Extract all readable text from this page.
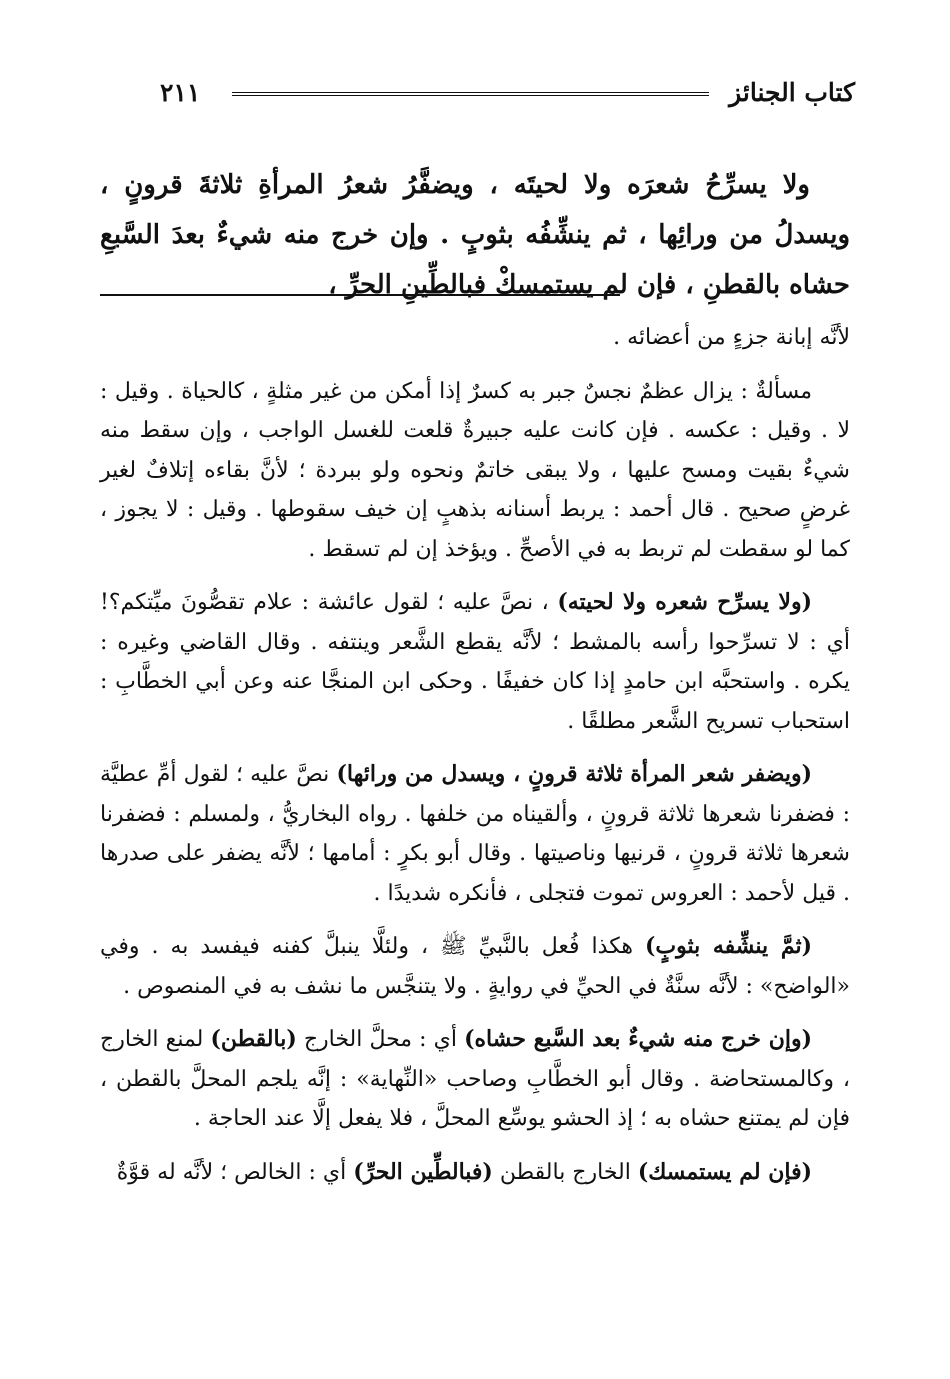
كتاب الجنائز
٢١١

ولا يسرِّحُ شعرَه ولا لحيتَه ، ويضفَّرُ شعرُ المرأةِ ثلاثةَ قرونٍ ، ويسدلُ من ورائِها ، ثم ينشِّفُه بثوبٍ . وإن خرج منه شيءٌ بعدَ السَّبعِ حشاه بالقطنِ ، فإن لم يستمسكْ فبالطِّينِ الحرِّ ،

لأنَّه إبانة جزءٍ من أعضائه .

مسألةٌ : يزال عظمٌ نجسٌ جبر به كسرٌ إذا أمكن من غير مثلةٍ ، كالحياة . وقيل : لا . وقيل : عكسه . فإن كانت عليه جبيرةٌ قلعت للغسل الواجب ، وإن سقط منه شيءٌ بقيت ومسح عليها ، ولا يبقى خاتمٌ ونحوه ولو ببردة ؛ لأنَّ بقاءه إتلافٌ لغير غرضٍ صحيح . قال أحمد : يربط أسنانه بذهبٍ إن خيف سقوطها . وقيل : لا يجوز ، كما لو سقطت لم تربط به في الأصحِّ . ويؤخذ إن لم تسقط .

(ولا يسرِّح شعره ولا لحيته) ، نصَّ عليه ؛ لقول عائشة : علام تقصُّونَ ميِّتكم؟! أي : لا تسرِّحوا رأسه بالمشط ؛ لأنَّه يقطع الشَّعر وينتفه . وقال القاضي وغيره : يكره . واستحبَّه ابن حامدٍ إذا كان خفيفًا . وحكى ابن المنجَّا عنه وعن أبي الخطَّابِ : استحباب تسريح الشَّعر مطلقًا .

(ويضفر شعر المرأة ثلاثة قرونٍ ، ويسدل من ورائها) نصَّ عليه ؛ لقول أمِّ عطيَّة : فضفرنا شعرها ثلاثة قرونٍ ، وألقيناه من خلفها . رواه البخاريُّ ، ولمسلم : فضفرنا شعرها ثلاثة قرونٍ ، قرنيها وناصيتها . وقال أبو بكرٍ : أمامها ؛ لأنَّه يضفر على صدرها . قيل لأحمد : العروس تموت فتجلى ، فأنكره شديدًا .

(ثمَّ ينشِّفه بثوبٍ) هكذا فُعل بالنَّبيِّ ﷺ ، ولئلَّا ينبلَّ كفنه فيفسد به . وفي «الواضح» : لأنَّه سنَّةٌ في الحيِّ في روايةٍ . ولا يتنجَّس ما نشف به في المنصوص .

(وإن خرج منه شيءٌ بعد السَّبع حشاه) أي : محلَّ الخارج (بالقطن) لمنع الخارج ، وكالمستحاضة . وقال أبو الخطَّابِ وصاحب «النِّهاية» : إنَّه يلجم المحلَّ بالقطن ، فإن لم يمتنع حشاه به ؛ إذ الحشو يوسِّع المحلَّ ، فلا يفعل إلَّا عند الحاجة .

(فإن لم يستمسك) الخارج بالقطن (فبالطِّين الحرِّ) أي : الخالص ؛ لأنَّه له قوَّةٌ
